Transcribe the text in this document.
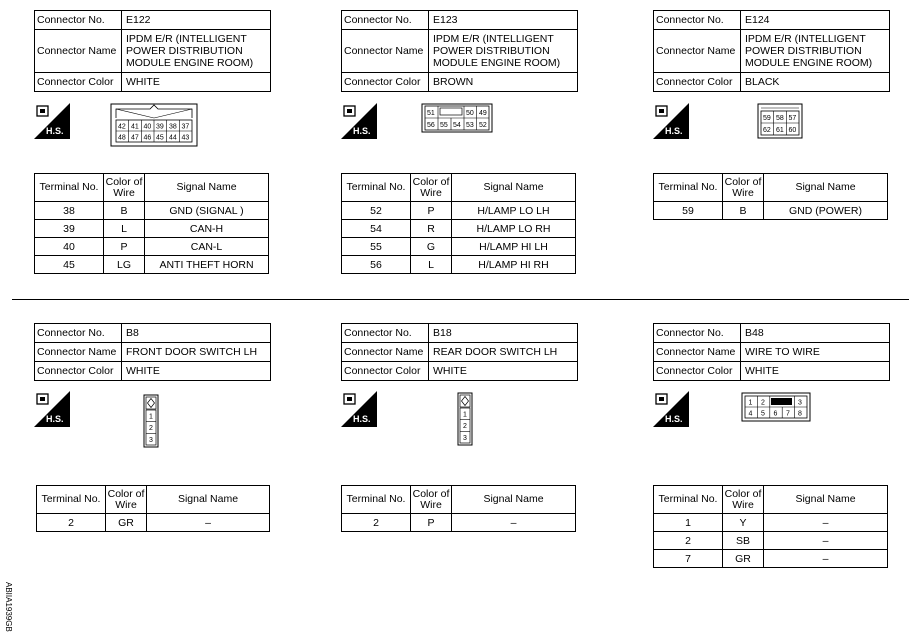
Connector No.	E122
Connector Name	IPDM E/R (INTELLIGENT POWER DISTRIBUTION MODULE ENGINE ROOM)
Connector Color	WHITE
H.S.	42 41 40 39 38 37
48 47 46 45 44 43
Terminal No.	Color of Wire	Signal Name
38	B	GND (SIGNAL )
39	L	CAN-H
40	P	CAN-L
45	LG	ANTI THEFT HORN
Connector No.	E123
Connector Name	IPDM E/R (INTELLIGENT POWER DISTRIBUTION MODULE ENGINE ROOM)
Connector Color	BROWN
H.S.
51	50 49
56 55 54 53 52
Terminal No.	Color of Wire	Signal Name
52	P	H/LAMP LO LH
54	R	H/LAMP LO RH
55	G	H/LAMP HI LH
56	L	H/LAMP HI RH
Connector No.	E124
Connector Name	IPDM E/R (INTELLIGENT POWER DISTRIBUTION MODULE ENGINE ROOM)
Connector Color	BLACK
H.S.
59 58 57
62 61 60
Terminal No.	Color of Wire	Signal Name
59	B	GND (POWER)
Connector No.	B8
Connector Name	FRONT DOOR SWITCH LH
Connector Color	WHITE
H.S.	1
2
3
Terminal No.	Color of Wire	Signal Name
2	GR	–
Connector No.	B18
Connector Name	REAR DOOR SWITCH LH
Connector Color	WHITE
H.S.	1
2
3
Terminal No.	Color of Wire	Signal Name
2	P	–
Connector No.	B48
Connector Name	WIRE TO WIRE
Connector Color	WHITE
H.S.
1 2	3
4 5 6 7 8
Terminal No.	Color of Wire	Signal Name
1	Y	–
2	SB	–
7	GR	–
ABIIA1939GB
